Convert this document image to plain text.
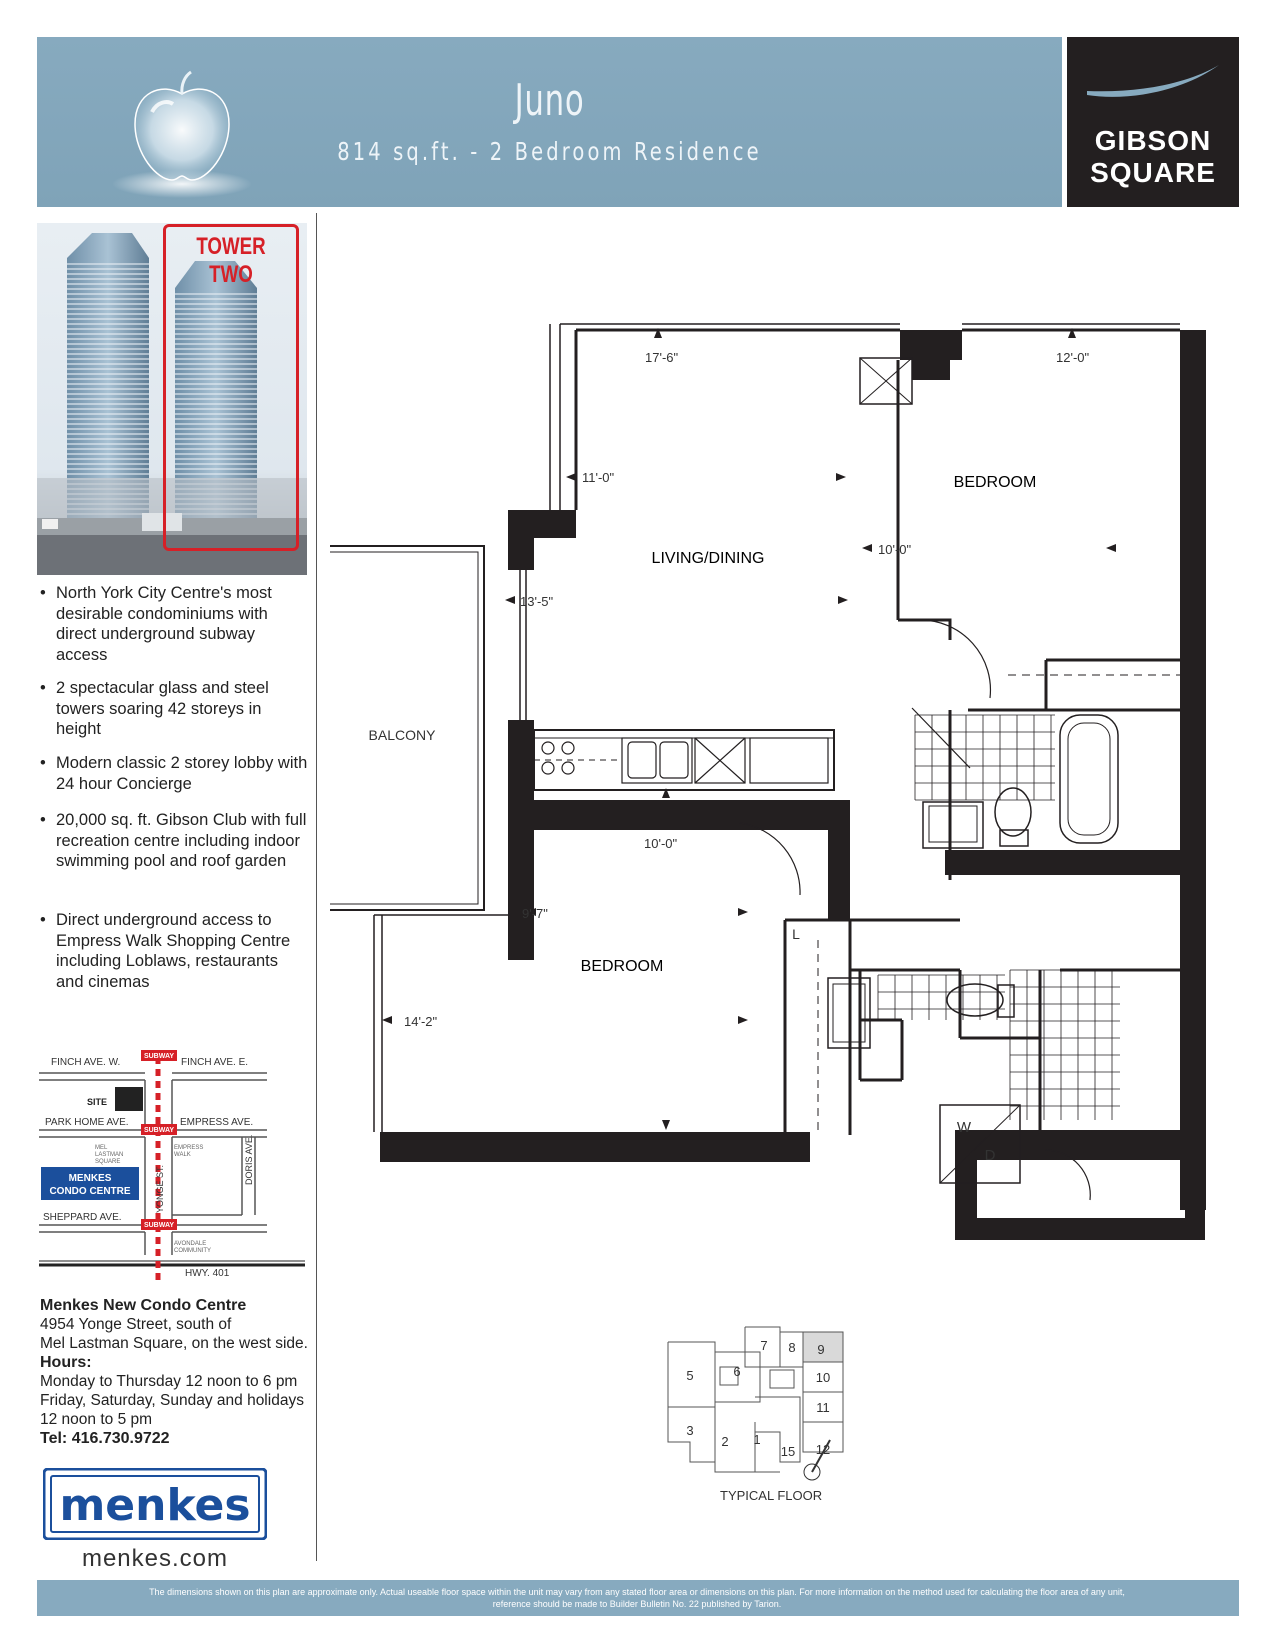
Juno
814 sq.ft. - 2 Bedroom Residence	GIBSON
SQUARE
TOWER TWO
• North York City Centre's most desirable condominiums with direct underground subway access
• 2 spectacular glass and steel towers soaring 42 storeys in height
• Modern classic 2 storey lobby with 24 hour Concierge
• 20,000 sq. ft. Gibson Club with full recreation centre including indoor swimming pool and roof garden
• Direct underground access to Empress Walk Shopping Centre including Loblaws, restaurants and cinemas
SUBWAY
SUBWAY
SUBWAY
FINCH AVE. W.	FINCH AVE. E.
PARK HOME AVE.	EMPRESS AVE.
SHEPPARD AVE.
HWY. 401
SITE
MEL
LASTMAN
SQUARE
EMPRESS
WALK
AVONDALE
COMMUNITY
MENKES
CONDO CENTRE	YONGE ST.
DORIS AVE.
Menkes New Condo Centre
4954 Yonge Street, south of
Mel Lastman Square, on the west side.
Hours:
Monday to Thursday 12 noon to 6 pm
Friday, Saturday, Sunday and holidays
12 noon to 5 pm
Tel: 416.730.9722
menkes
menkes.com
LIVING/DINING
BEDROOM
BEDROOM
BALCONY
L
W
D
17'-6"	12'-0"
11'-0"
10'-0"
13'-5"
10'-0"
9'-7"
14'-2"
7 8 9
5	6	10
11
3
2 1
15 12
TYPICAL FLOOR
The dimensions shown on this plan are approximate only. Actual useable floor space within the unit may vary from any stated floor area or dimensions on this plan. For more information on the method used for calculating the floor area of any unit,
reference should be made to Builder Bulletin No. 22 published by Tarion.
